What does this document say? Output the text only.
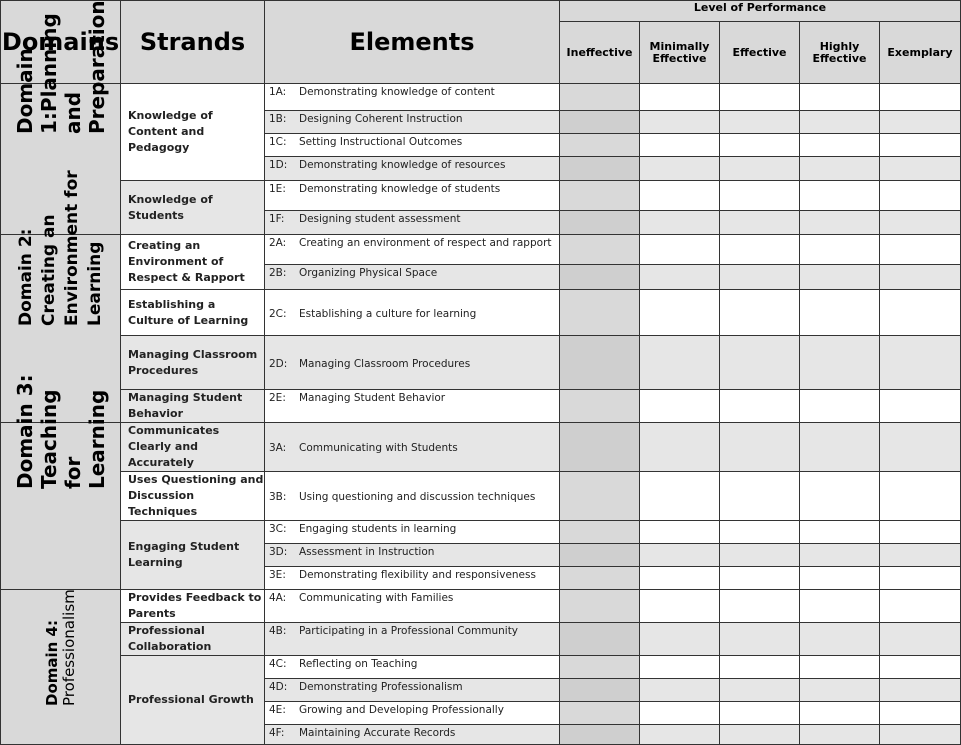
Domains	Strands	Elements	Level of Performance				
			Ineffective	Minimally Effective	Effective	Highly Effective	Exemplary

Domain 1:Planning and Preparation	Knowledge of Content and Pedagogy	1A: Demonstrating knowledge of content					
		1B: Designing Coherent Instruction					
		1C: Setting Instructional Outcomes					
		1D: Demonstrating knowledge of resources					
	Knowledge of Students	1E: Demonstrating knowledge of students					
		1F: Designing student assessment					

Domain 2: Creating an Environment for Learning	Creating an Environment of Respect & Rapport	2A: Creating an environment of respect and rapport					
		2B: Organizing Physical Space					
	Establishing a Culture of Learning	2C: Establishing a culture for learning					
	Managing Classroom Procedures	2D: Managing Classroom Procedures					
	Managing Student Behavior	2E: Managing Student Behavior					

Domain 3: Teaching for Learning	Communicates Clearly and Accurately	3A: Communicating with Students					
	Uses Questioning and Discussion Techniques	3B: Using questioning and discussion techniques					
	Engaging Student Learning	3C: Engaging students in learning					
		3D: Assessment in Instruction					
		3E: Demonstrating flexibility and responsiveness					

Domain 4: Professionalism	Provides Feedback to Parents	4A: Communicating with Families					
	Professional Collaboration	4B: Participating in a Professional Community					
	Professional Growth	4C: Reflecting on Teaching					
		4D: Demonstrating Professionalism					
		4E: Growing and Developing Professionally					
		4F: Maintaining Accurate Records					
